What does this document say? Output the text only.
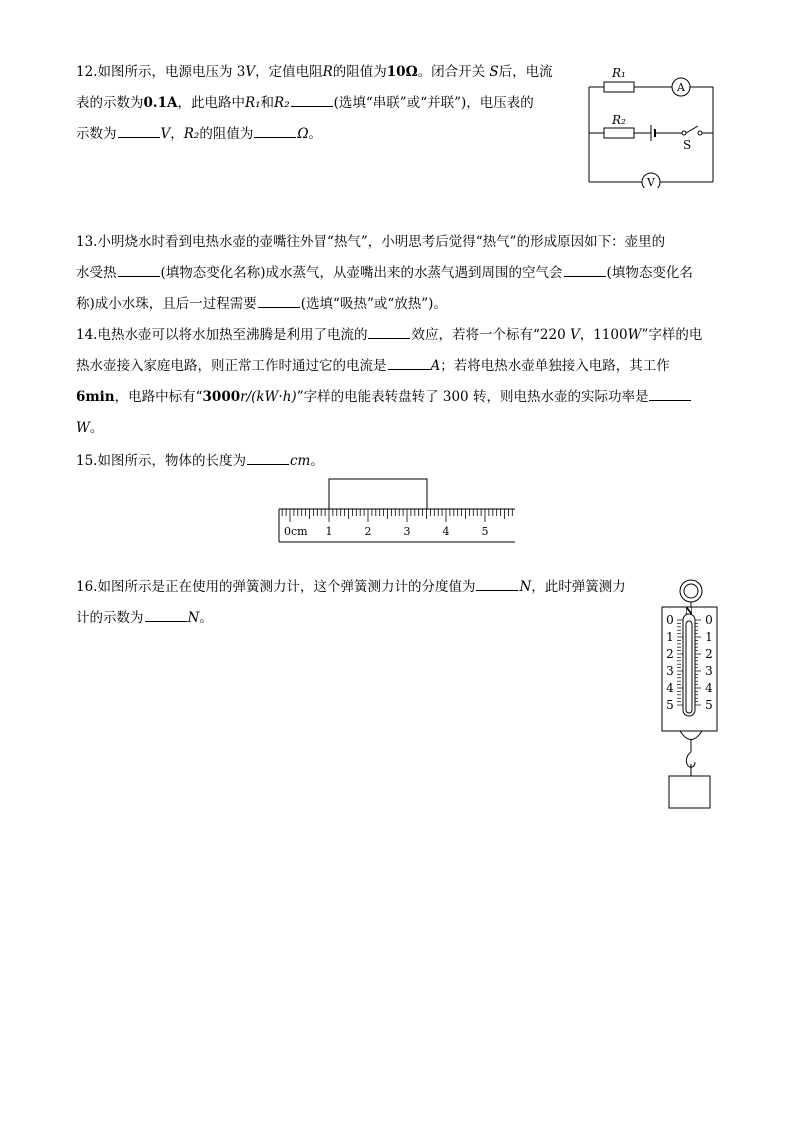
12.如图所示，电源电压为 3V，定值电阻R的阻值为10Ω。闭合开关 S后，电流
表的示数为0.1A，此电路中R₁和R₂	(选填“串联”或“并联”)，电压表的
示数为	V，R₂的阻值为	Ω。
R₁
A
R₂
S
V
13.小明烧水时看到电热水壶的壶嘴往外冒“热气”，小明思考后觉得“热气”的形成原因如下：壶里的
水受热	(填物态变化名称)成水蒸气，从壶嘴出来的水蒸气遇到周围的空气会	(填物态变化名
称)成小水珠，且后一过程需要	(选填“吸热”或“放热”)。
14.电热水壶可以将水加热至沸腾是利用了电流的	效应，若将一个标有“220 V，1100W”字样的电
热水壶接入家庭电路，则正常工作时通过它的电流是	A；若将电热水壶单独接入电路，其工作
6min，电路中标有“3000r/(kW·h)”字样的电能表转盘转了 300 转，则电热水壶的实际功率是
W。
15.如图所示，物体的长度为	cm。
0cm 1	2	3	4	5
16.如图所示是正在使用的弹簧测力计，这个弹簧测力计的分度值为	N，此时弹簧测力
计的示数为	N。	N
0
1
2
3
4
5
0
1
2
3
4
5
